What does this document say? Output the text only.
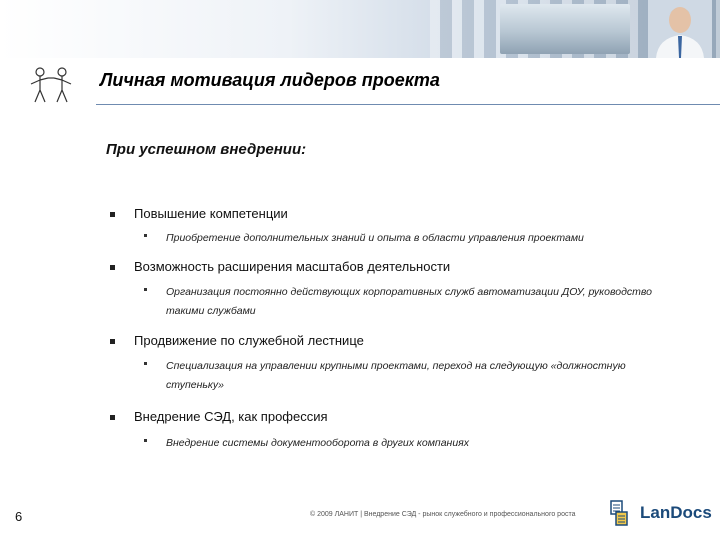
Личная мотивация лидеров проекта
При успешном внедрении:
Повышение компетенции
Приобретение дополнительных знаний и опыта в области управления проектами
Возможность расширения масштабов деятельности
Организация постоянно действующих корпоративных служб автоматизации ДОУ, руководство такими службами
Продвижение по служебной лестнице
Специализация на управлении крупными проектами, переход на следующую «должностную ступеньку»
Внедрение СЭД, как профессия
Внедрение системы документооборота в других компаниях
6	© 2009 ЛАНИТ | Внедрение СЭД - рынок служебного и профессионального роста	LanDocs
